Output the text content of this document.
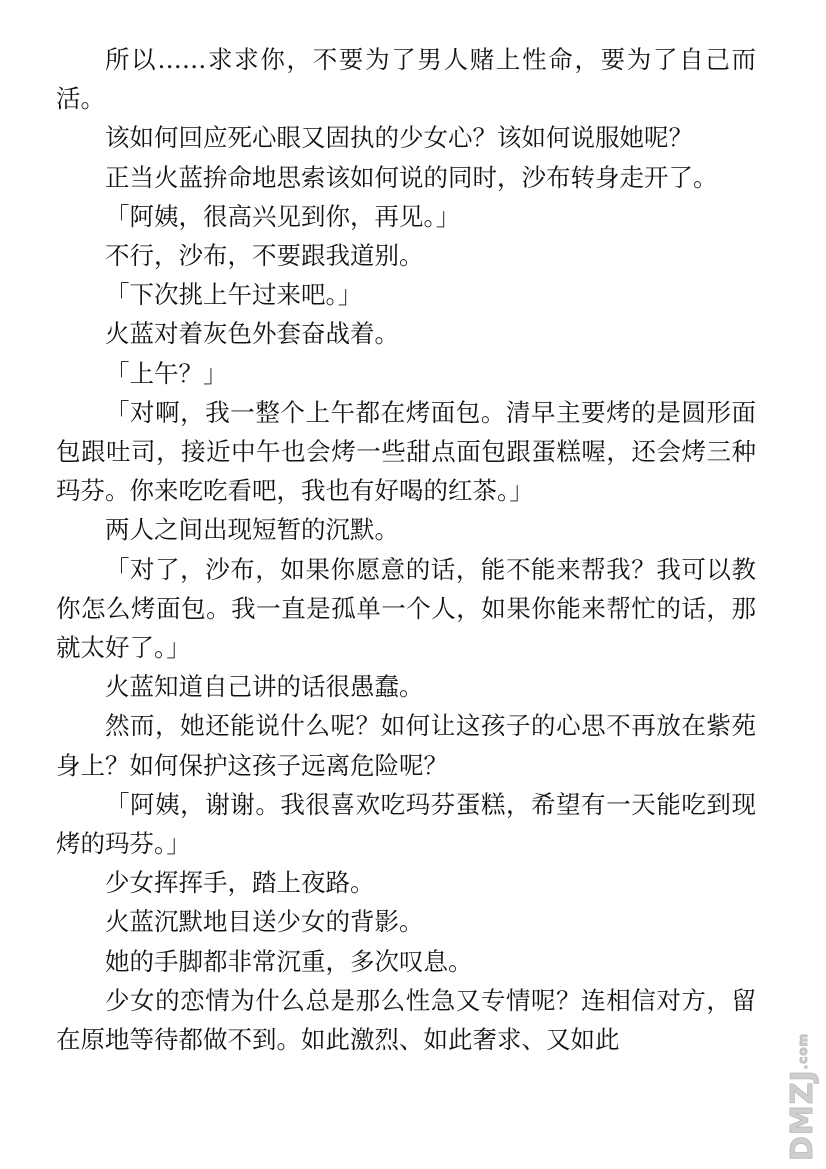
所以……求求你，不要为了男人赌上性命，要为了自己而活。

该如何回应死心眼又固执的少女心？该如何说服她呢？

正当火蓝拚命地思索该如何说的同时，沙布转身走开了。

「阿姨，很高兴见到你，再见。」

不行，沙布，不要跟我道别。

「下次挑上午过来吧。」

火蓝对着灰色外套奋战着。

「上午？」

「对啊，我一整个上午都在烤面包。清早主要烤的是圆形面包跟吐司，接近中午也会烤一些甜点面包跟蛋糕喔，还会烤三种玛芬。你来吃吃看吧，我也有好喝的红茶。」

两人之间出现短暂的沉默。

「对了，沙布，如果你愿意的话，能不能来帮我？我可以教你怎么烤面包。我一直是孤单一个人，如果你能来帮忙的话，那就太好了。」

火蓝知道自己讲的话很愚蠢。

然而，她还能说什么呢？如何让这孩子的心思不再放在紫苑身上？如何保护这孩子远离危险呢？

「阿姨，谢谢。我很喜欢吃玛芬蛋糕，希望有一天能吃到现烤的玛芬。」

少女挥挥手，踏上夜路。

火蓝沉默地目送少女的背影。

她的手脚都非常沉重，多次叹息。

少女的恋情为什么总是那么性急又专情呢？连相信对方，留在原地等待都做不到。如此激烈、如此奢求、又如此

$DMZJ^{.com}$
